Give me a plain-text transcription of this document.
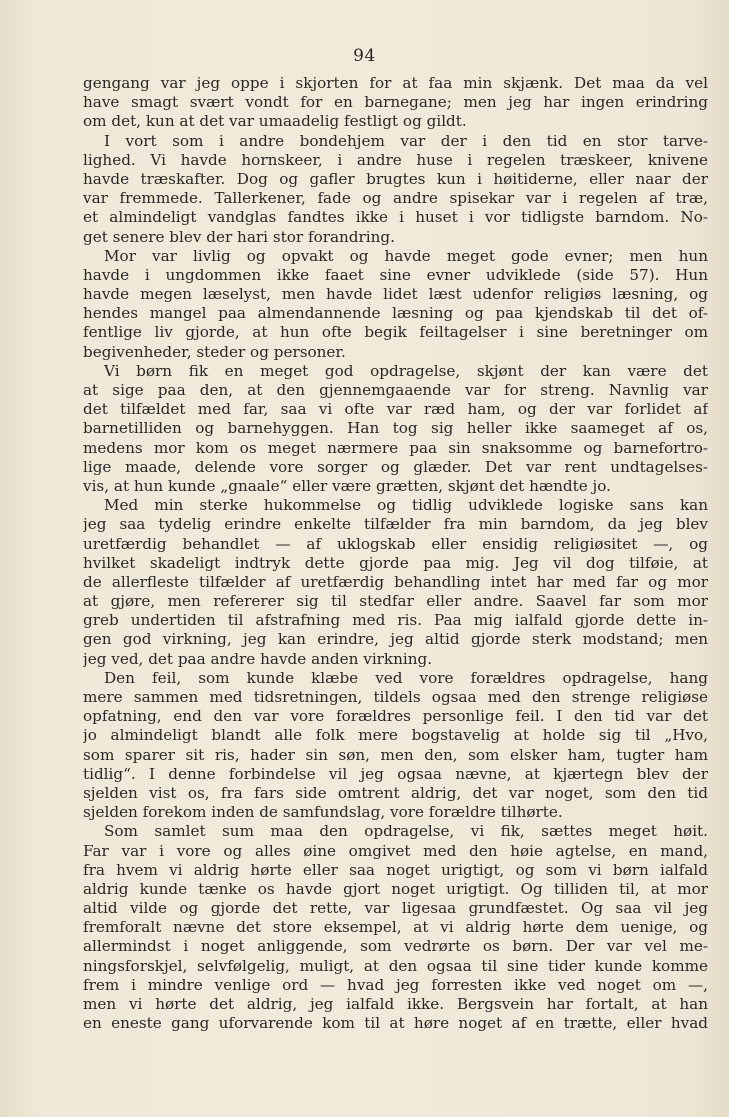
94
gengang var jeg oppe i skjorten for at faa min skjænk. Det maa da vel
have smagt svært vondt for en barnegane; men jeg har ingen erindring
om det, kun at det var umaadelig festligt og gildt.
I vort som i andre bondehjem var der i den tid en stor tarve-
lighed. Vi havde hornskeer, i andre huse i regelen træskeer, knivene
havde træskafter. Dog og gafler brugtes kun i høitiderne, eller naar der
var fremmede. Tallerkener, fade og andre spisekar var i regelen af træ,
et almindeligt vandglas fandtes ikke i huset i vor tidligste barndom. No-
get senere blev der hari stor forandring.
Mor var livlig og opvakt og havde meget gode evner; men hun
havde i ungdommen ikke faaet sine evner udviklede (side 57). Hun
havde megen læselyst, men havde lidet læst udenfor religiøs læsning, og
hendes mangel paa almendannende læsning og paa kjendskab til det of-
fentlige liv gjorde, at hun ofte begik feiltagelser i sine beretninger om
begivenheder, steder og personer.
Vi børn fik en meget god opdragelse, skjønt der kan være det
at sige paa den, at den gjennemgaaende var for streng. Navnlig var
det tilfældet med far, saa vi ofte var ræd ham, og der var forlidet af
barnetilliden og barnehyggen. Han tog sig heller ikke saameget af os,
medens mor kom os meget nærmere paa sin snaksomme og barnefortro-
lige maade, delende vore sorger og glæder. Det var rent undtagelses-
vis, at hun kunde „gnaale“ eller være grætten, skjønt det hændte jo.
Med min sterke hukommelse og tidlig udviklede logiske sans kan
jeg saa tydelig erindre enkelte tilfælder fra min barndom, da jeg blev
uretfærdig behandlet — af uklogskab eller ensidig religiøsitet —, og
hvilket skadeligt indtryk dette gjorde paa mig. Jeg vil dog tilføie, at
de allerfleste tilfælder af uretfærdig behandling intet har med far og mor
at gjøre, men refererer sig til stedfar eller andre. Saavel far som mor
greb undertiden til afstrafning med ris. Paa mig ialfald gjorde dette in-
gen god virkning, jeg kan erindre, jeg altid gjorde sterk modstand; men
jeg ved, det paa andre havde anden virkning.
Den feil, som kunde klæbe ved vore forældres opdragelse, hang
mere sammen med tidsretningen, tildels ogsaa med den strenge religiøse
opfatning, end den var vore forældres personlige feil. I den tid var det
jo almindeligt blandt alle folk mere bogstavelig at holde sig til „Hvo,
som sparer sit ris, hader sin søn, men den, som elsker ham, tugter ham
tidlig“. I denne forbindelse vil jeg ogsaa nævne, at kjærtegn blev der
sjelden vist os, fra fars side omtrent aldrig, det var noget, som den tid
sjelden forekom inden de samfundslag, vore forældre tilhørte.
Som samlet sum maa den opdragelse, vi fik, sættes meget høit.
Far var i vore og alles øine omgivet med den høie agtelse, en mand,
fra hvem vi aldrig hørte eller saa noget urigtigt, og som vi børn ialfald
aldrig kunde tænke os havde gjort noget urigtigt. Og tilliden til, at mor
altid vilde og gjorde det rette, var ligesaa grundfæstet. Og saa vil jeg
fremforalt nævne det store eksempel, at vi aldrig hørte dem uenige, og
allermindst i noget anliggende, som vedrørte os børn. Der var vel me-
ningsforskjel, selvfølgelig, muligt, at den ogsaa til sine tider kunde komme
frem i mindre venlige ord — hvad jeg forresten ikke ved noget om —,
men vi hørte det aldrig, jeg ialfald ikke. Bergsvein har fortalt, at han
en eneste gang uforvarende kom til at høre noget af en trætte, eller hvad
